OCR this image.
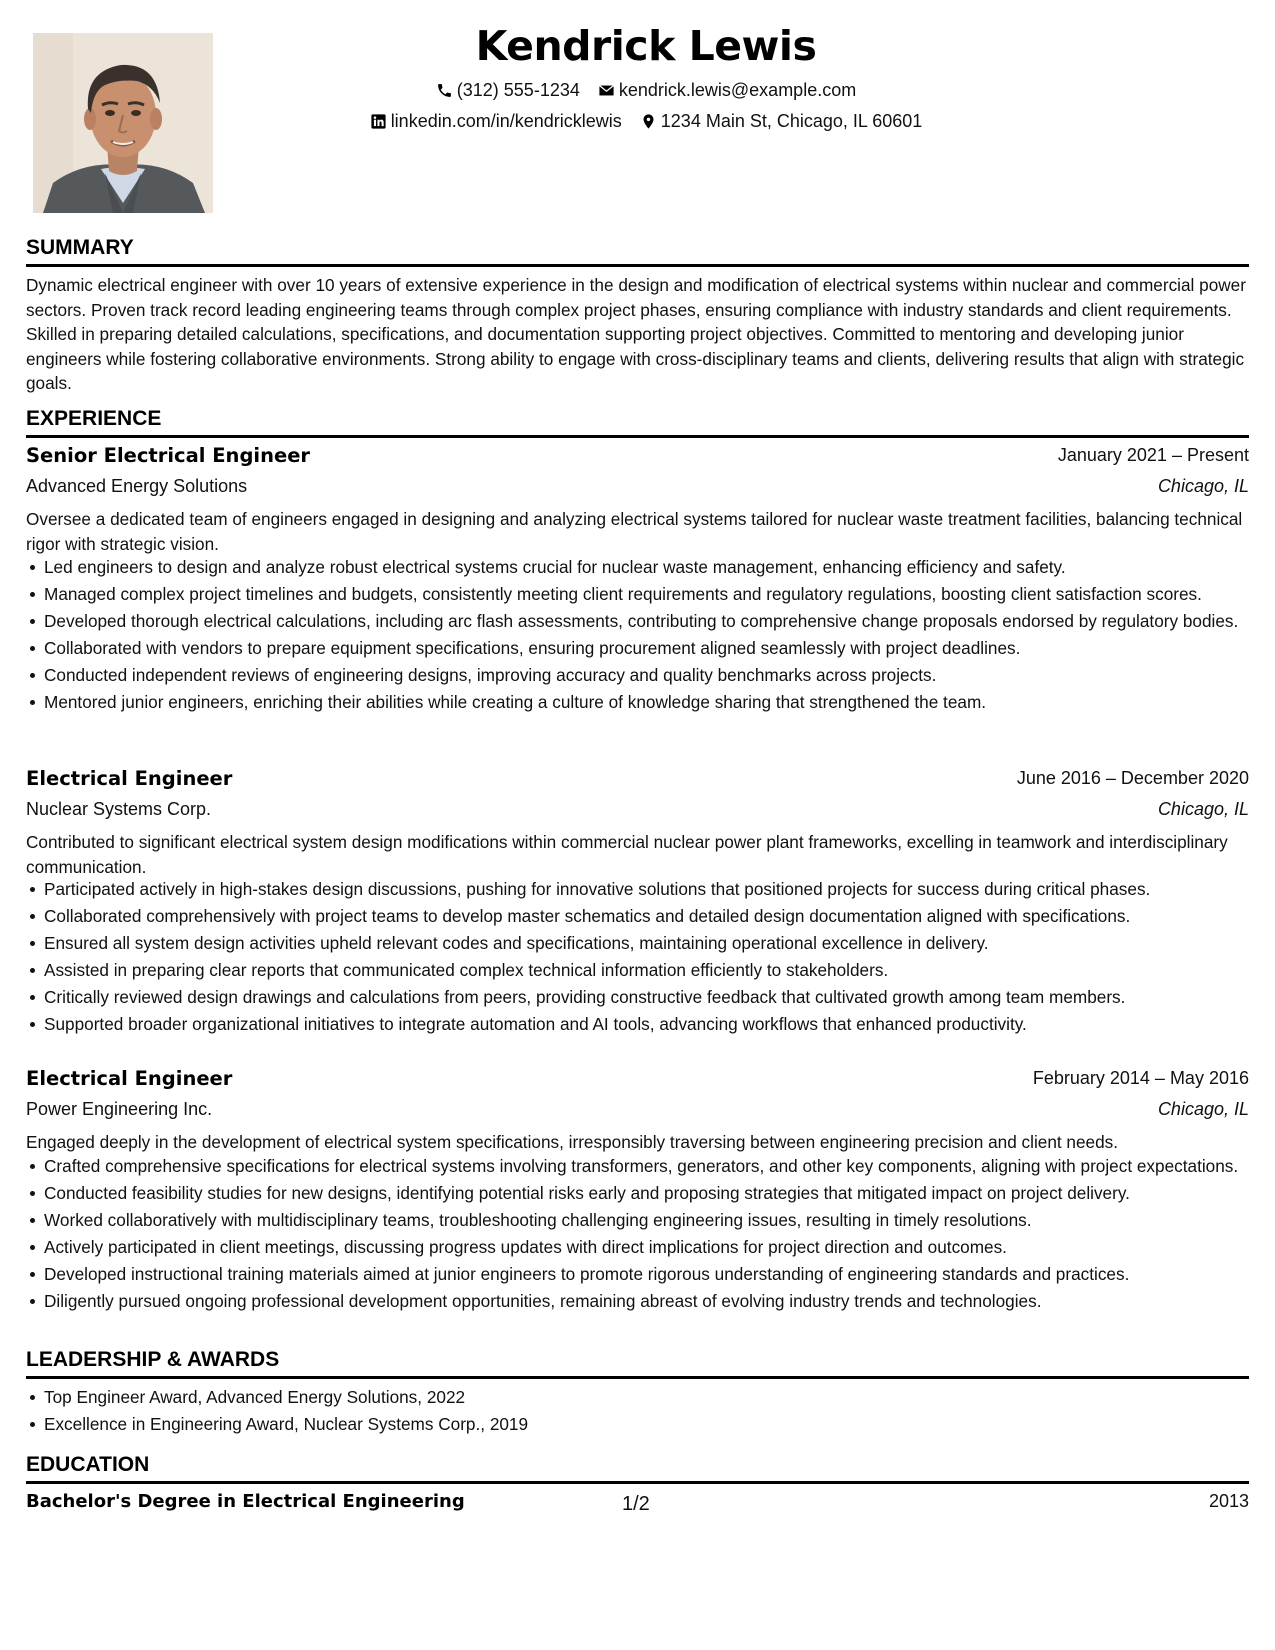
Kendrick Lewis
(312) 555-1234 kendrick.lewis@example.com
linkedin.com/in/kendricklewis 1234 Main St, Chicago, IL 60601
SUMMARY
Dynamic electrical engineer with over 10 years of extensive experience in the design and modification of electrical systems within nuclear and commercial power sectors. Proven track record leading engineering teams through complex project phases, ensuring compliance with industry standards and client requirements. Skilled in preparing detailed calculations, specifications, and documentation supporting project objectives. Committed to mentoring and developing junior engineers while fostering collaborative environments. Strong ability to engage with cross-disciplinary teams and clients, delivering results that align with strategic goals.
EXPERIENCE
Senior Electrical Engineer	January 2021 – Present
Advanced Energy Solutions	Chicago, IL
Oversee a dedicated team of engineers engaged in designing and analyzing electrical systems tailored for nuclear waste treatment facilities, balancing technical rigor with strategic vision.
Led engineers to design and analyze robust electrical systems crucial for nuclear waste management, enhancing efficiency and safety.
Managed complex project timelines and budgets, consistently meeting client requirements and regulatory regulations, boosting client satisfaction scores.
Developed thorough electrical calculations, including arc flash assessments, contributing to comprehensive change proposals endorsed by regulatory bodies.
Collaborated with vendors to prepare equipment specifications, ensuring procurement aligned seamlessly with project deadlines.
Conducted independent reviews of engineering designs, improving accuracy and quality benchmarks across projects.
Mentored junior engineers, enriching their abilities while creating a culture of knowledge sharing that strengthened the team.
Electrical Engineer	June 2016 – December 2020
Nuclear Systems Corp.	Chicago, IL
Contributed to significant electrical system design modifications within commercial nuclear power plant frameworks, excelling in teamwork and interdisciplinary communication.
Participated actively in high-stakes design discussions, pushing for innovative solutions that positioned projects for success during critical phases.
Collaborated comprehensively with project teams to develop master schematics and detailed design documentation aligned with specifications.
Ensured all system design activities upheld relevant codes and specifications, maintaining operational excellence in delivery.
Assisted in preparing clear reports that communicated complex technical information efficiently to stakeholders.
Critically reviewed design drawings and calculations from peers, providing constructive feedback that cultivated growth among team members.
Supported broader organizational initiatives to integrate automation and AI tools, advancing workflows that enhanced productivity.
Electrical Engineer	February 2014 – May 2016
Power Engineering Inc.	Chicago, IL
Engaged deeply in the development of electrical system specifications, irresponsibly traversing between engineering precision and client needs.
Crafted comprehensive specifications for electrical systems involving transformers, generators, and other key components, aligning with project expectations.
Conducted feasibility studies for new designs, identifying potential risks early and proposing strategies that mitigated impact on project delivery.
Worked collaboratively with multidisciplinary teams, troubleshooting challenging engineering issues, resulting in timely resolutions.
Actively participated in client meetings, discussing progress updates with direct implications for project direction and outcomes.
Developed instructional training materials aimed at junior engineers to promote rigorous understanding of engineering standards and practices.
Diligently pursued ongoing professional development opportunities, remaining abreast of evolving industry trends and technologies.
LEADERSHIP & AWARDS
Top Engineer Award, Advanced Energy Solutions, 2022
Excellence in Engineering Award, Nuclear Systems Corp., 2019
EDUCATION
Bachelor's Degree in Electrical Engineering	1/2	2013
